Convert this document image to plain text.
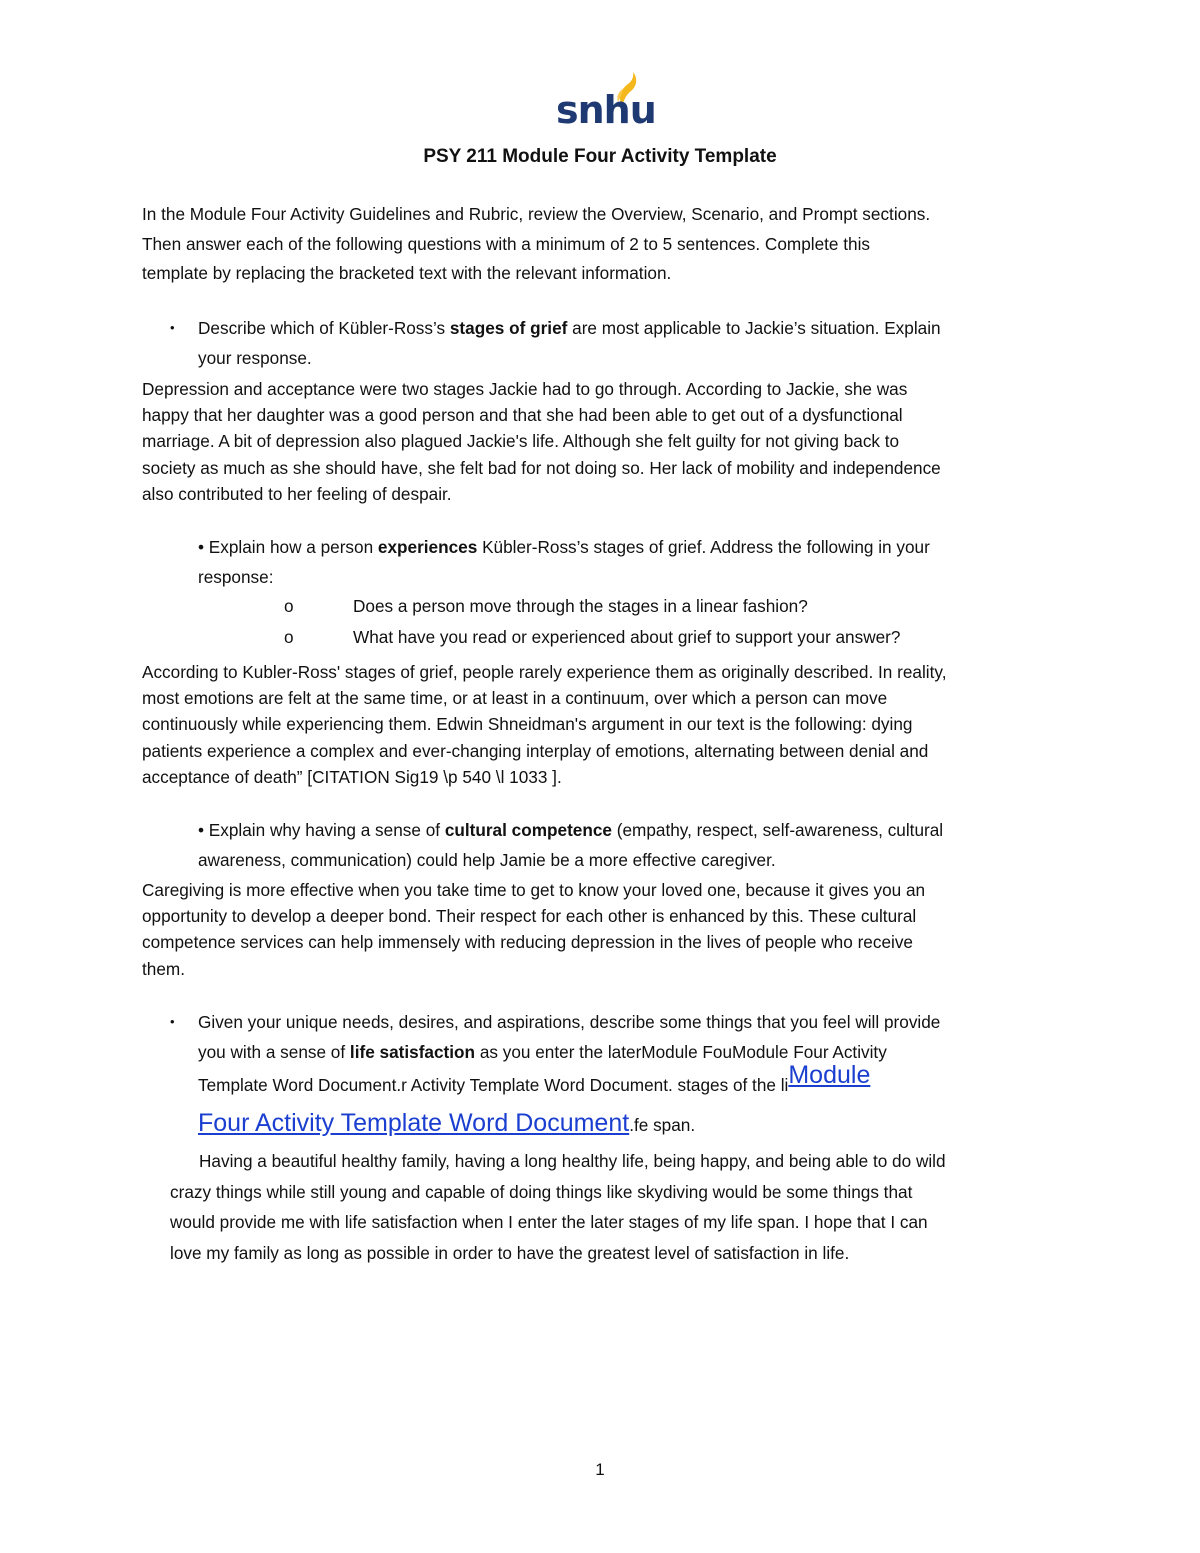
snhu
PSY 211 Module Four Activity Template
In the Module Four Activity Guidelines and Rubric, review the Overview, Scenario, and Prompt sections.
Then answer each of the following questions with a minimum of 2 to 5 sentences. Complete this
template by replacing the bracketed text with the relevant information.
• Describe which of Kübler-Ross’s stages of grief are most applicable to Jackie’s situation. Explain
your response.
Depression and acceptance were two stages Jackie had to go through. According to Jackie, she was
happy that her daughter was a good person and that she had been able to get out of a dysfunctional
marriage. A bit of depression also plagued Jackie's life. Although she felt guilty for not giving back to
society as much as she should have, she felt bad for not doing so. Her lack of mobility and independence
also contributed to her feeling of despair.
• Explain how a person experiences Kübler-Ross’s stages of grief. Address the following in your
response:
o	Does a person move through the stages in a linear fashion?
o	What have you read or experienced about grief to support your answer?
According to Kubler-Ross' stages of grief, people rarely experience them as originally described. In reality,
most emotions are felt at the same time, or at least in a continuum, over which a person can move
continuously while experiencing them. Edwin Shneidman's argument in our text is the following: dying
patients experience a complex and ever-changing interplay of emotions, alternating between denial and
acceptance of death” [CITATION Sig19 \p 540 \l 1033 ].
• Explain why having a sense of cultural competence (empathy, respect, self-awareness, cultural
awareness, communication) could help Jamie be a more effective caregiver.
Caregiving is more effective when you take time to get to know your loved one, because it gives you an
opportunity to develop a deeper bond. Their respect for each other is enhanced by this. These cultural
competence services can help immensely with reducing depression in the lives of people who receive
them.
• Given your unique needs, desires, and aspirations, describe some things that you feel will provide
you with a sense of life satisfaction as you enter the laterModule FouModule Four Activity
Template Word Document.r Activity Template Word Document. stages of the liModule
Four Activity Template Word Document.fe span.
Having a beautiful healthy family, having a long healthy life, being happy, and being able to do wild
crazy things while still young and capable of doing things like skydiving would be some things that
would provide me with life satisfaction when I enter the later stages of my life span. I hope that I can
love my family as long as possible in order to have the greatest level of satisfaction in life.
1
